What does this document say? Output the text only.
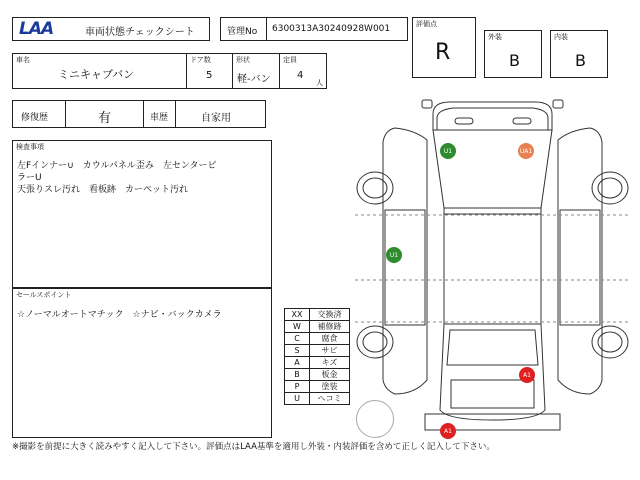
LAA	車両状態チェックシート	管理No 6300313A30240928W001	評価点
R
外装
B
内装
B
車名
ミニキャブバン
ドア数
5
形状
軽-バン
定員
4
人
修復歴	有	車歴	自家用
検査事項
左Fインナー∪　カウルパネル歪み　左センターピ
ラーU
天張りスレ汚れ　看板跡　カーペット汚れ
セールスポイント
☆ノーマルオートマチック　☆ナビ・バックカメラ	XX	交換済
W	補修跡
C	腐食
S	サビ
A	キズ
B	板金
P	塗装
U	ヘコミ
U1	UA1
U1
A1
A1
※撮影を前提に大きく読みやすく記入して下さい。評価点はLAA基準を適用し外装・内装評価を含めて正しく記入して下さい。
